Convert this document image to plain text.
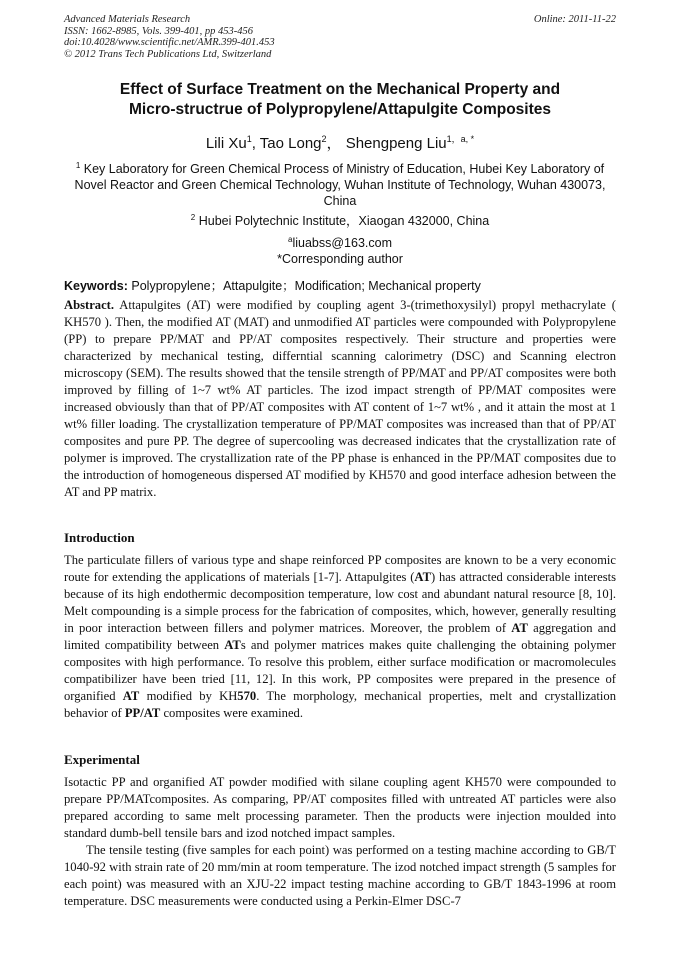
Advanced Materials Research
ISSN: 1662-8985, Vols. 399-401, pp 453-456
doi:10.4028/www.scientific.net/AMR.399-401.453
© 2012 Trans Tech Publications Ltd, Switzerland
Online: 2011-11-22
Effect of Surface Treatment on the Mechanical Property and
Micro-structrue of Polypropylene/Attapulgite Composites
Lili Xu$^1$, Tao Long$^2$， Shengpeng Liu$^{1,a, *}$
$^1$ Key Laboratory for Green Chemical Process of Ministry of Education, Hubei Key Laboratory of
Novel Reactor and Green Chemical Technology, Wuhan Institute of Technology, Wuhan 430073,
China
$^2$ Hubei Polytechnic Institute，Xiaogan 432000, China
$^a$liuabss@163.com
*Corresponding author
Keywords: Polypropylene；Attapulgite；Modification; Mechanical property
Abstract. Attapulgites (AT) were modified by coupling agent 3-(trimethoxysilyl) propyl methacrylate ( KH570 ). Then, the modified AT (MAT) and unmodified AT particles were compounded with Polypropylene (PP) to prepare PP/MAT and PP/AT composites respectively. Their structure and properties were characterized by mechanical testing, differntial scanning calorimetry (DSC) and Scanning electron microscopy (SEM). The results showed that the tensile strength of PP/MAT and PP/AT composites were both improved by filling of 1~7 wt% AT particles. The izod impact strength of PP/MAT composites were increased obviously than that of PP/AT composites with AT content of 1~7 wt% , and it attain the most at 1 wt% filler loading. The crystallization temperature of PP/MAT composites was increased than that of PP/AT composites and pure PP. The degree of supercooling was decreased indicates that the crystallization rate of polymer is improved. The crystallization rate of the PP phase is enhanced in the PP/MAT composites due to the introduction of homogeneous dispersed AT modified by KH570 and good interface adhesion between the AT and PP matrix.
Introduction
The particulate fillers of various type and shape reinforced PP composites are known to be a very economic route for extending the applications of materials [1-7]. Attapulgites (AT) has attracted considerable interests because of its high endothermic decomposition temperature, low cost and abundant natural resource [8, 10]. Melt compounding is a simple process for the fabrication of composites, which, however, generally resulting in poor interaction between fillers and polymer matrices. Moreover, the problem of AT aggregation and limited compatibility between ATs and polymer matrices makes quite challenging the obtaining polymer composites with high performance. To resolve this problem, either surface modification or macromolecules compatibilizer have been tried [11, 12]. In this work, PP composites were prepared in the presence of organified AT modified by KH570. The morphology, mechanical properties, melt and crystallization behavior of PP/AT composites were examined.
Experimental
Isotactic PP and organified AT powder modified with silane coupling agent KH570 were compounded to prepare PP/MATcomposites. As comparing, PP/AT composites filled with untreated AT particles were also prepared according to same melt processing parameter. Then the products were injection moulded into standard dumb-bell tensile bars and izod notched impact samples.
The tensile testing (five samples for each point) was performed on a testing machine according to GB/T 1040-92 with strain rate of 20 mm/min at room temperature. The izod notched impact strength (5 samples for each point) was measured with an XJU-22 impact testing machine according to GB/T 1843-1996 at room temperature. DSC measurements were conducted using a Perkin-Elmer DSC-7
